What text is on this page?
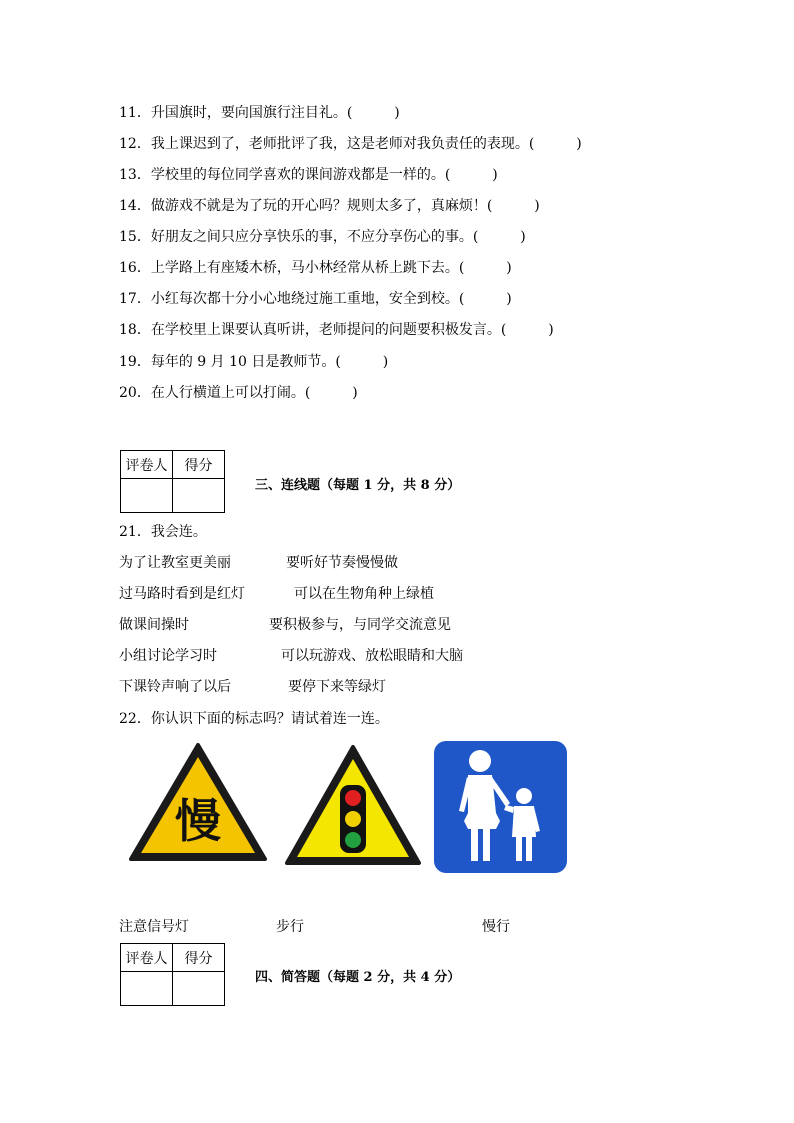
11．升国旗时，要向国旗行注目礼。(　　　)
12．我上课迟到了，老师批评了我，这是老师对我负责任的表现。(　　　)
13．学校里的每位同学喜欢的课间游戏都是一样的。(　　　)
14．做游戏不就是为了玩的开心吗？规则太多了，真麻烦！(　　　)
15．好朋友之间只应分享快乐的事，不应分享伤心的事。(　　　)
16．上学路上有座矮木桥，马小林经常从桥上跳下去。(　　　)
17．小红每次都十分小心地绕过施工重地，安全到校。(　　　)
18．在学校里上课要认真听讲，老师提问的问题要积极发言。(　　　)
19．每年的 9 月 10 日是教师节。(　　　)
20．在人行横道上可以打闹。(　　　)
评卷人	得分

三、连线题（每题 1 分，共 8 分）
21．我会连。
为了让教室更美丽	要听好节奏慢慢做
过马路时看到是红灯	可以在生物角种上绿植
做课间操时	要积极参与，与同学交流意见
小组讨论学习时	可以玩游戏、放松眼睛和大脑
下课铃声响了以后	要停下来等绿灯
22．你认识下面的标志吗？请试着连一连。
慢
注意信号灯	步行	慢行
评卷人	得分

四、简答题（每题 2 分，共 4 分）
